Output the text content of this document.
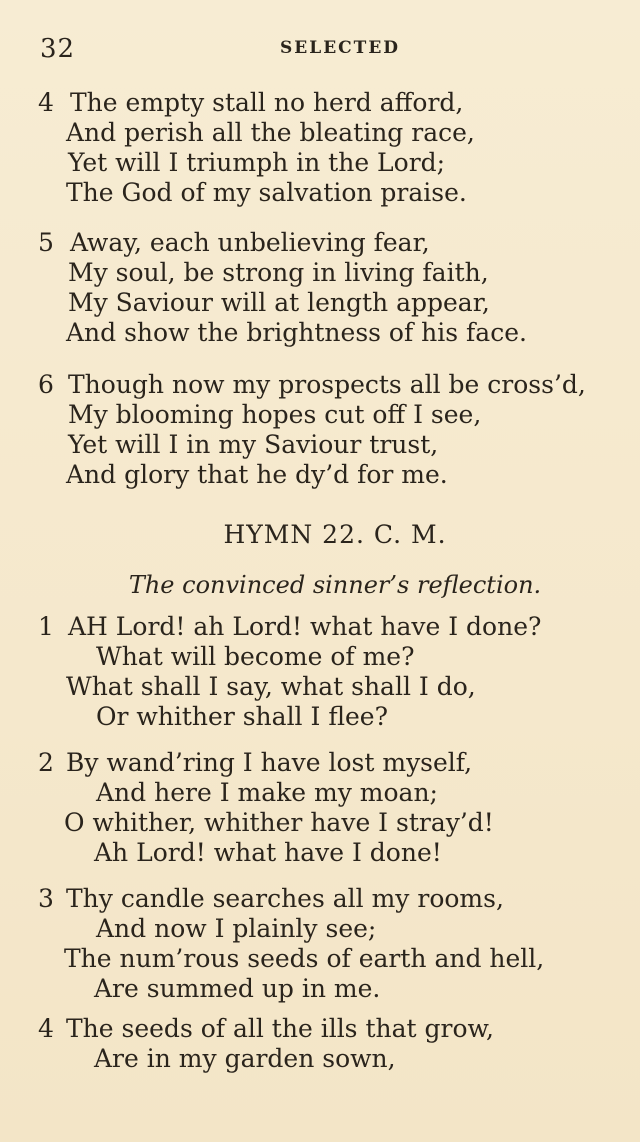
32	SELECTED
4 The empty stall no herd afford,
And perish all the bleating race,
Yet will I triumph in the Lord;
The God of my salvation praise.
5 Away, each unbelieving fear,
My soul, be strong in living faith,
My Saviour will at length appear,
And show the brightness of his face.
6 Though now my prospects all be cross’d,
My blooming hopes cut off I see,
Yet will I in my Saviour trust,
And glory that he dy’d for me.
HYMN 22. C. M.
The convinced sinner’s reflection.
1 AH Lord! ah Lord! what have I done?
What will become of me?
What shall I say, what shall I do,
Or whither shall I flee?
2 By wand’ring I have lost myself,
And here I make my moan;
O whither, whither have I stray’d!
Ah Lord! what have I done!
3 Thy candle searches all my rooms,
And now I plainly see;
The num’rous seeds of earth and hell,
Are summed up in me.
4 The seeds of all the ills that grow,
Are in my garden sown,
